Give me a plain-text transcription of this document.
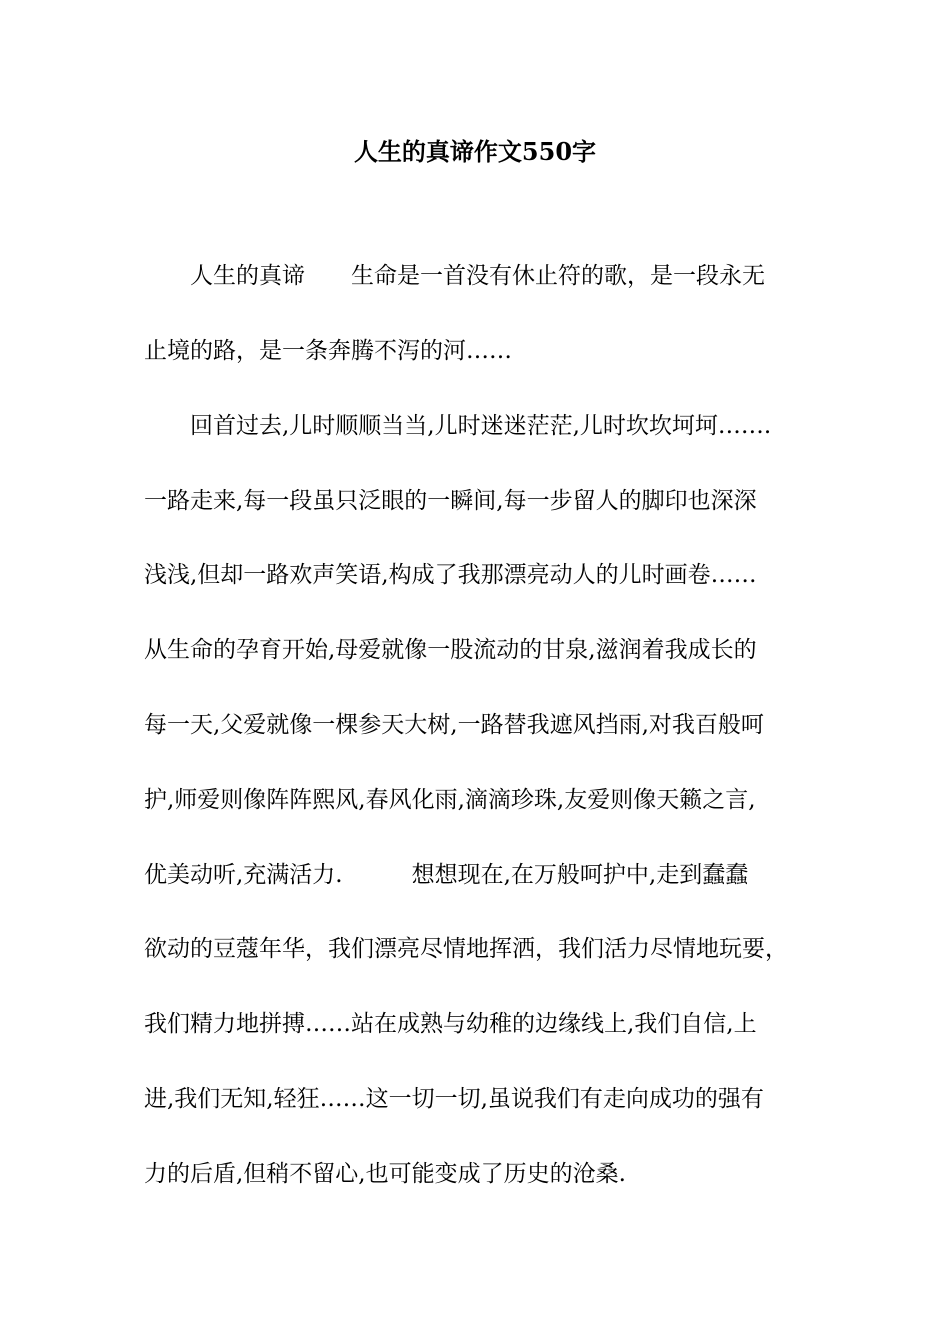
人生的真谛作文550字

　　人生的真谛　　生命是一首没有休止符的歌，是一段永无

止境的路，是一条奔腾不泻的河……

　　回首过去,儿时顺顺当当,儿时迷迷茫茫,儿时坎坎坷坷…….

一路走来,每一段虽只泛眼的一瞬间,每一步留人的脚印也深深

浅浅,但却一路欢声笑语,构成了我那漂亮动人的儿时画卷……

从生命的孕育开始,母爱就像一股流动的甘泉,滋润着我成长的

每一天,父爱就像一棵参天大树,一路替我遮风挡雨,对我百般呵

护,师爱则像阵阵熙风,春风化雨,滴滴珍珠,友爱则像天籁之言,

优美动听,充满活力.　　　想想现在,在万般呵护中,走到蠢蠢

欲动的豆蔻年华，我们漂亮尽情地挥洒，我们活力尽情地玩要，

我们精力地拼搏……站在成熟与幼稚的边缘线上,我们自信,上

进,我们无知,轻狂……这一切一切,虽说我们有走向成功的强有

力的后盾,但稍不留心,也可能变成了历史的沧桑.
